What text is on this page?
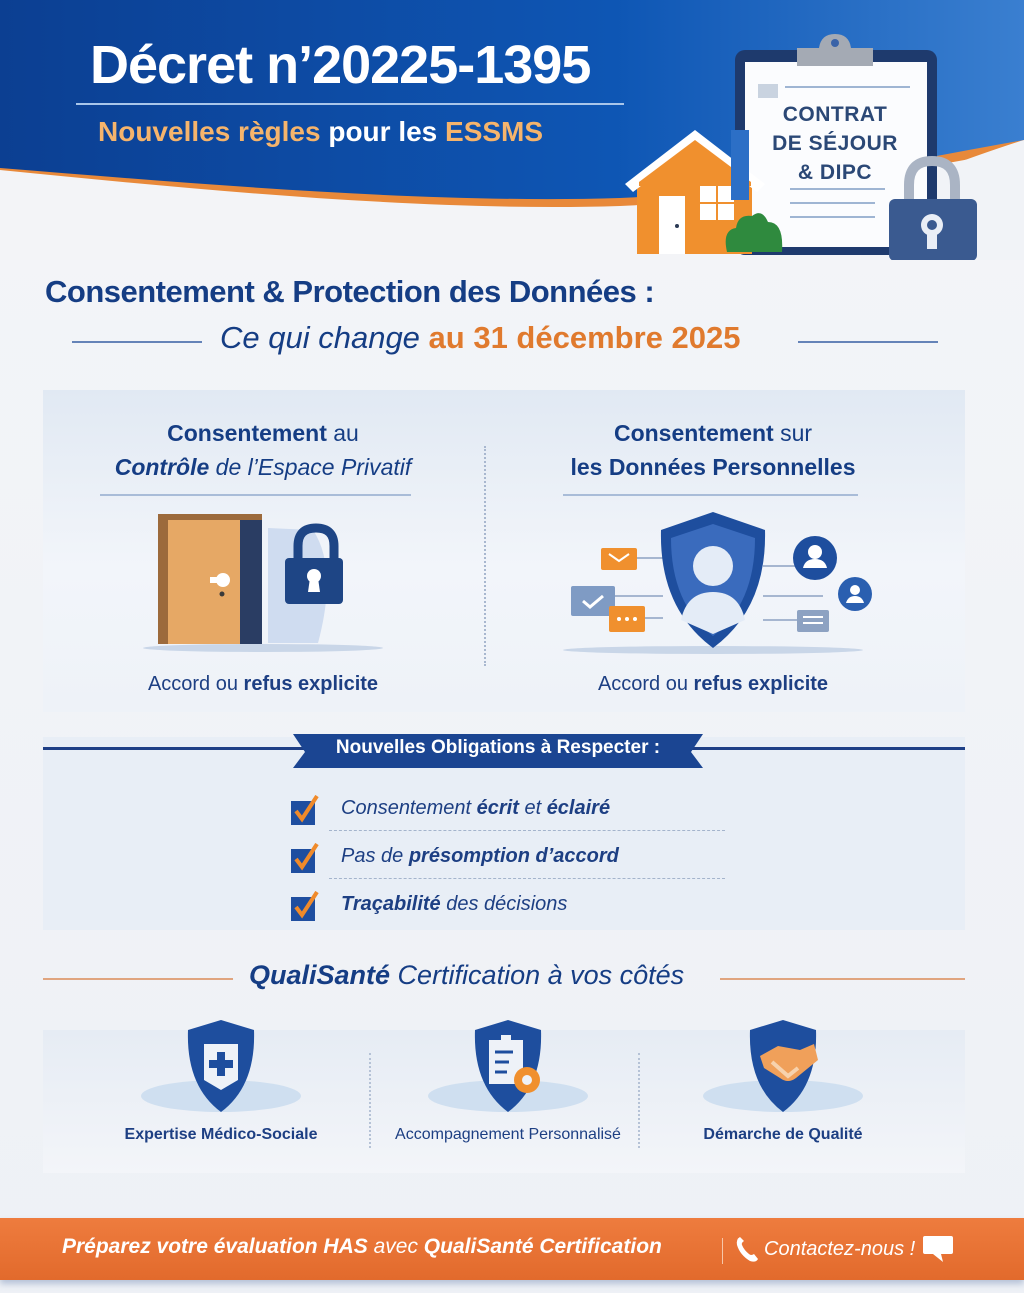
Décret n’20225-1395
Nouvelles règles pour les ESSMS
CONTRAT
DE SÉJOUR
& DIPC
Consentement & Protection des Données :
Ce qui change au 31 décembre 2025
Consentement au
Contrôle de l’Espace Privatif
Accord ou refus explicite
Consentement sur
les Données Personnelles
Accord ou refus explicite
Nouvelles Obligations à Respecter :
Consentement écrit et éclairé
Pas de présomption d’accord
Traçabilité des décisions
QualiSanté Certification à vos côtés
Expertise Médico-Sociale	Accompagnement Personnalisé	Démarche de Qualité
Préparez votre évaluation HAS avec QualiSanté Certification	Contactez-nous !
